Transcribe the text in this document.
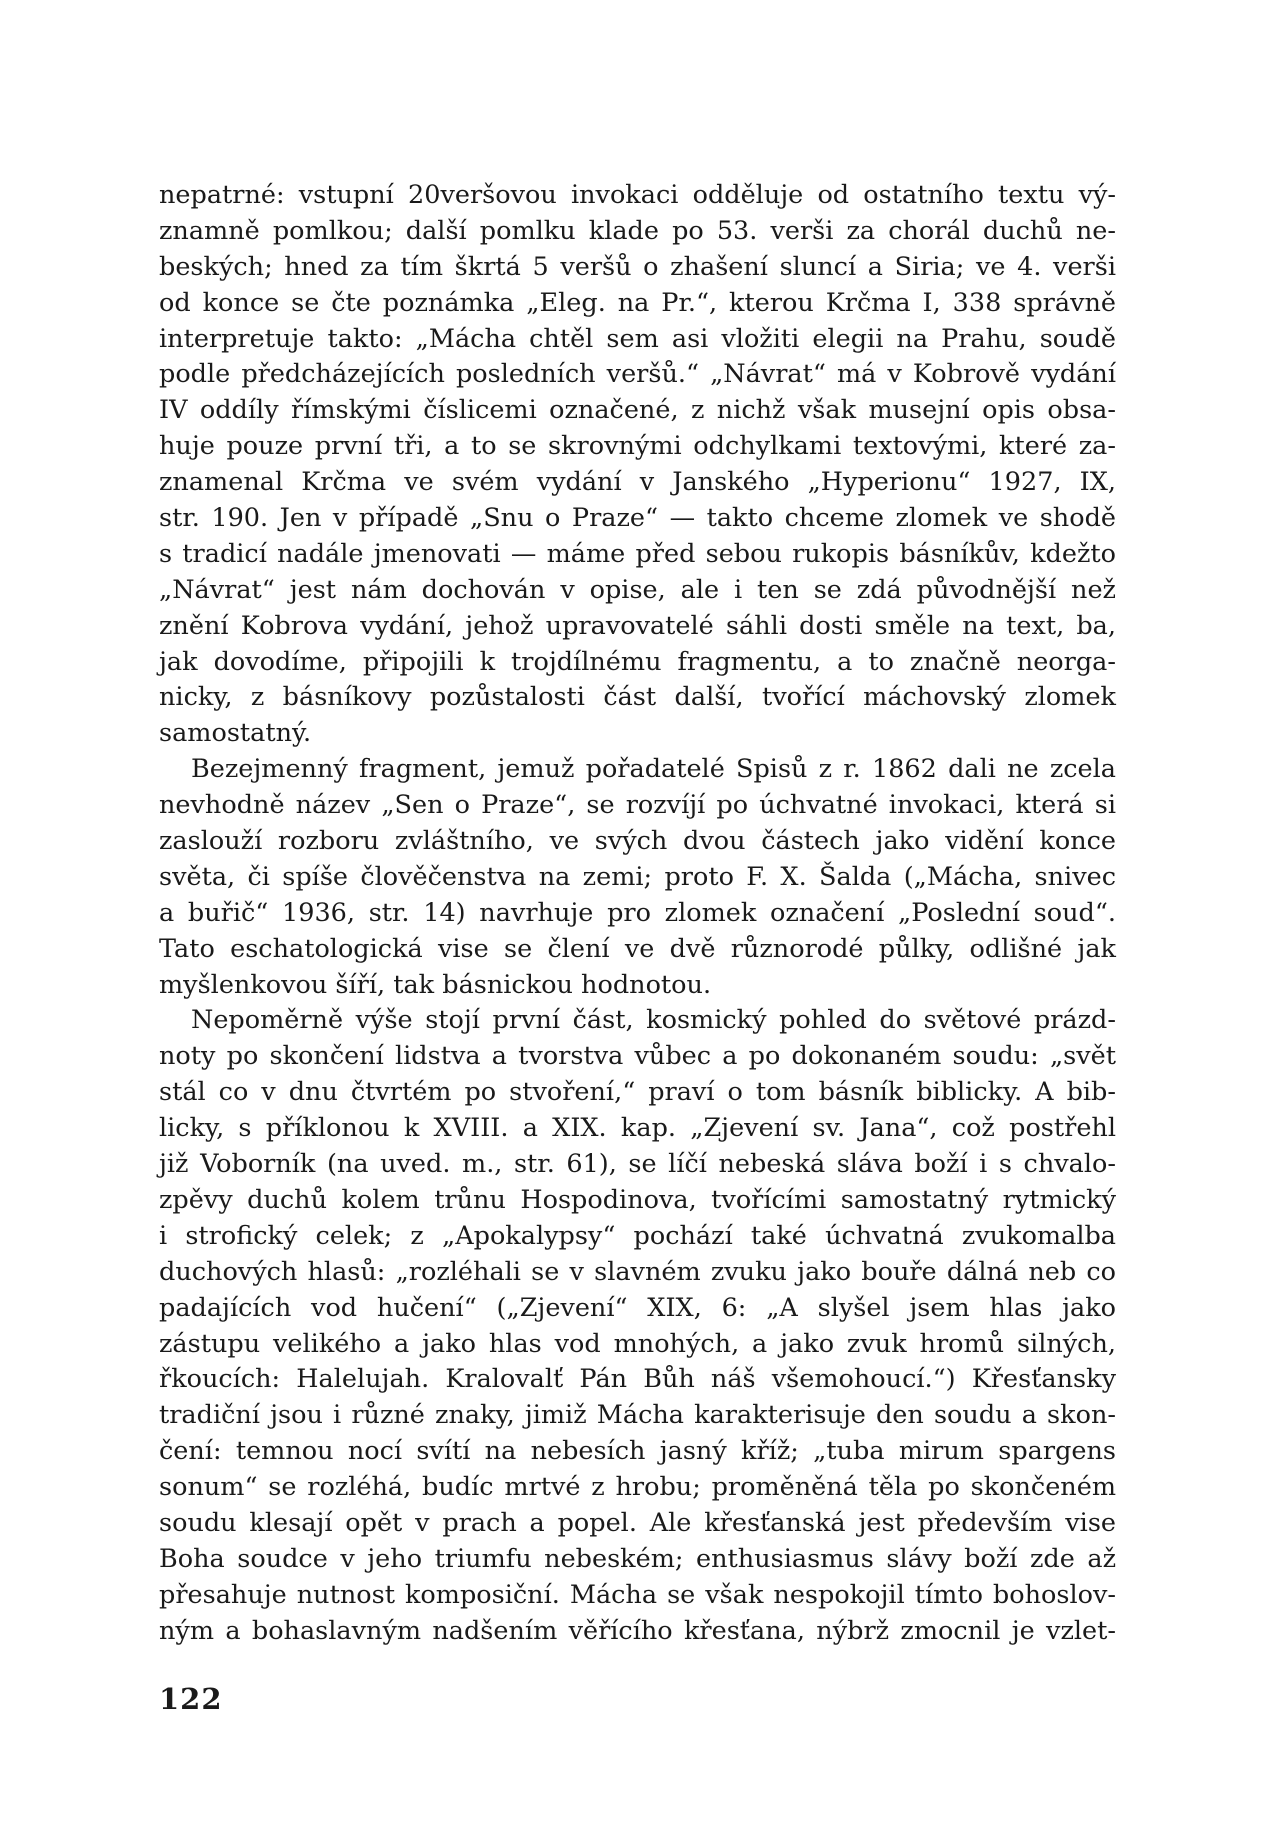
nepatrné: vstupní 20veršovou invokaci odděluje od ostatního textu vý-
znamně pomlkou; další pomlku klade po 53. verši za chorál duchů ne-
beských; hned za tím škrtá 5 veršů o zhašení sluncí a Siria; ve 4. verši
od konce se čte poznámka „Eleg. na Pr.“, kterou Krčma I, 338 správně
interpretuje takto: „Mácha chtěl sem asi vložiti elegii na Prahu, soudě
podle předcházejících posledních veršů.“ „Návrat“ má v Kobrově vydání
IV oddíly římskými číslicemi označené, z nichž však musejní opis obsa-
huje pouze první tři, a to se skrovnými odchylkami textovými, které za-
znamenal Krčma ve svém vydání v Janského „Hyperionu“ 1927, IX,
str. 190. Jen v případě „Snu o Praze“ — takto chceme zlomek ve shodě
s tradicí nadále jmenovati — máme před sebou rukopis básníkův, kdežto
„Návrat“ jest nám dochován v opise, ale i ten se zdá původnější než
znění Kobrova vydání, jehož upravovatelé sáhli dosti směle na text, ba,
jak dovodíme, připojili k trojdílnému fragmentu, a to značně neorga-
nicky, z básníkovy pozůstalosti část další, tvořící máchovský zlomek
samostatný.
Bezejmenný fragment, jemuž pořadatelé Spisů z r. 1862 dali ne zcela
nevhodně název „Sen o Praze“, se rozvíjí po úchvatné invokaci, která si
zaslouží rozboru zvláštního, ve svých dvou částech jako vidění konce
světa, či spíše člověčenstva na zemi; proto F. X. Šalda („Mácha, snivec
a buřič“ 1936, str. 14) navrhuje pro zlomek označení „Poslední soud“.
Tato eschatologická vise se člení ve dvě různorodé půlky, odlišné jak
myšlenkovou šíří, tak básnickou hodnotou.
Nepoměrně výše stojí první část, kosmický pohled do světové prázd-
noty po skončení lidstva a tvorstva vůbec a po dokonaném soudu: „svět
stál co v dnu čtvrtém po stvoření,“ praví o tom básník biblicky. A bib-
licky, s příklonou k XVIII. a XIX. kap. „Zjevení sv. Jana“, což postřehl
již Voborník (na uved. m., str. 61), se líčí nebeská sláva boží i s chvalo-
zpěvy duchů kolem trůnu Hospodinova, tvořícími samostatný rytmický
i strofický celek; z „Apokalypsy“ pochází také úchvatná zvukomalba
duchových hlasů: „rozléhali se v slavném zvuku jako bouře dálná neb co
padajících vod hučení“ („Zjevení“ XIX, 6: „A slyšel jsem hlas jako
zástupu velikého a jako hlas vod mnohých, a jako zvuk hromů silných,
řkoucích: Halelujah. Kralovalť Pán Bůh náš všemohoucí.“) Křesťansky
tradiční jsou i různé znaky, jimiž Mácha karakterisuje den soudu a skon-
čení: temnou nocí svítí na nebesích jasný kříž; „tuba mirum spargens
sonum“ se rozléhá, budíc mrtvé z hrobu; proměněná těla po skončeném
soudu klesají opět v prach a popel. Ale křesťanská jest především vise
Boha soudce v jeho triumfu nebeském; enthusiasmus slávy boží zde až
přesahuje nutnost komposiční. Mácha se však nespokojil tímto bohoslov-
ným a bohaslavným nadšením věřícího křesťana, nýbrž zmocnil je vzlet-
122
